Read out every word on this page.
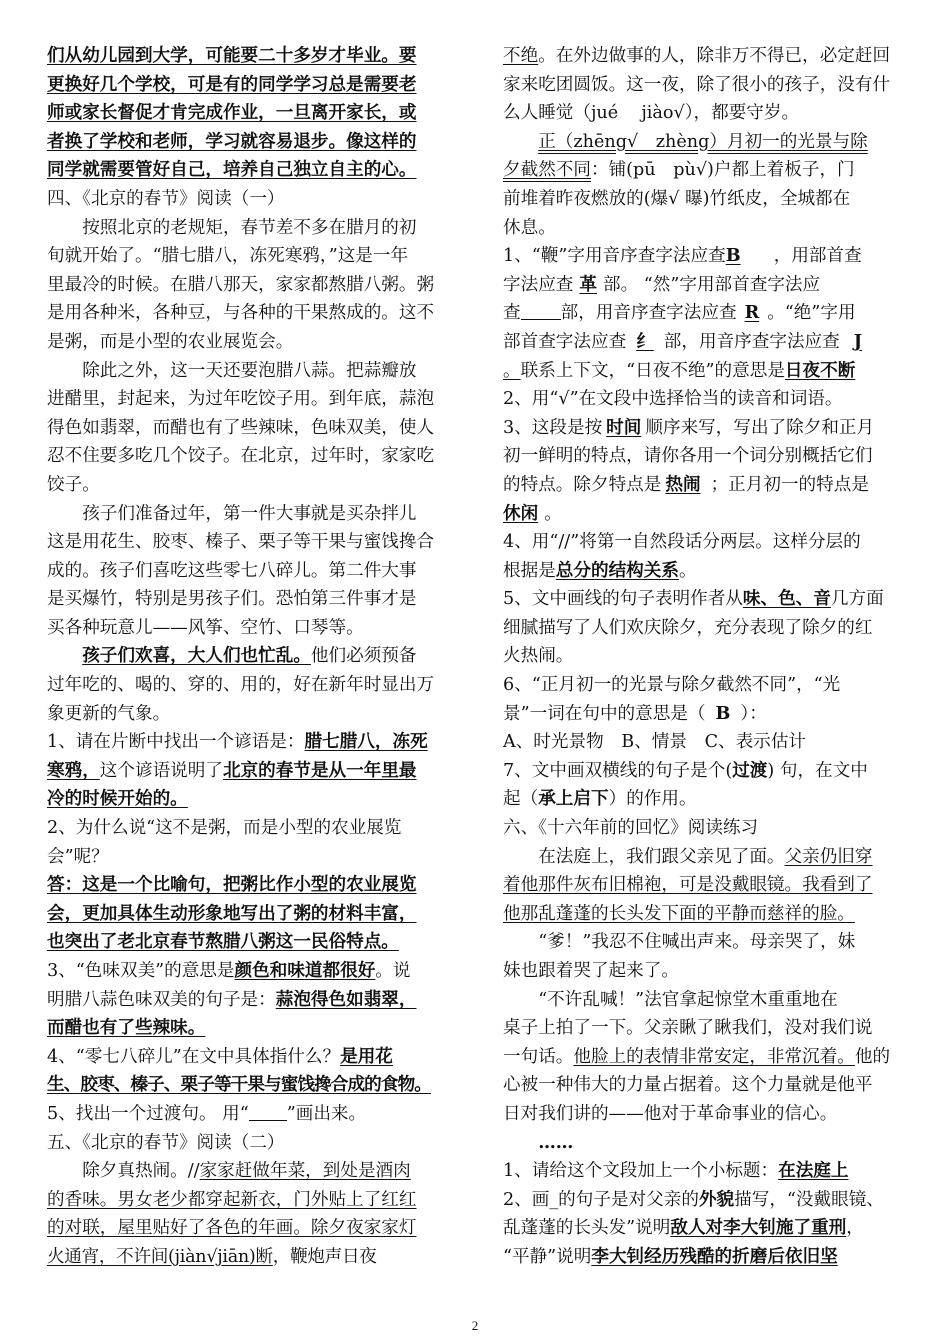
们从幼儿园到大学，可能要二十多岁才毕业。要
更换好几个学校，可是有的同学学习总是需要老
师或家长督促才肯完成作业，一旦离开家长，或
者换了学校和老师，学习就容易退步。像这样的
同学就需要管好自己，培养自己独立自主的心。
四、《北京的春节》阅读（一）
按照北京的老规矩，春节差不多在腊月的初
旬就开始了。“腊七腊八，冻死寒鸦，”这是一年
里最冷的时候。在腊八那天，家家都熬腊八粥。粥
是用各种米，各种豆，与各种的干果熬成的。这不
是粥，而是小型的农业展览会。
除此之外，这一天还要泡腊八蒜。把蒜瓣放
进醋里，封起来，为过年吃饺子用。到年底，蒜泡
得色如翡翠，而醋也有了些辣味，色味双美，使人
忍不住要多吃几个饺子。在北京，过年时，家家吃
饺子。
孩子们准备过年，第一件大事就是买杂拌儿
这是用花生、胶枣、榛子、栗子等干果与蜜饯搀合
成的。孩子们喜吃这些零七八碎儿。第二件大事
是买爆竹，特别是男孩子们。恐怕第三件事才是
买各种玩意儿——风筝、空竹、口琴等。
孩子们欢喜，大人们也忙乱。他们必须预备
过年吃的、喝的、穿的、用的，好在新年时显出万
象更新的气象。
1、请在片断中找出一个谚语是：腊七腊八，冻死
寒鸦，这个谚语说明了北京的春节是从一年里最
冷的时候开始的。
2、为什么说“这不是粥，而是小型的农业展览
会”呢？
答：这是一个比喻句，把粥比作小型的农业展览
会，更加具体生动形象地写出了粥的材料丰富，
也突出了老北京春节熬腊八粥这一民俗特点。
3、“色味双美”的意思是颜色和味道都很好。说
明腊八蒜色味双美的句子是：蒜泡得色如翡翠，
而醋也有了些辣味。
4、“零七八碎儿”在文中具体指什么？是用花
生、胶枣、榛子、栗子等干果与蜜饯搀合成的食物。
5、找出一个过渡句。 用“ ”画出来。
五、《北京的春节》阅读（二）
除夕真热闹。//家家赶做年菜，到处是酒肉
的香味。男女老少都穿起新衣，门外贴上了红红
的对联，屋里贴好了各色的年画。除夕夜家家灯
火通宵，不许间(jiàn√jiān)断，鞭炮声日夜
不绝。在外边做事的人，除非万不得已，必定赶回
家来吃团圆饭。这一夜，除了很小的孩子，没有什
么人睡觉（jué　 jiào√），都要守岁。
正（zhēng√　zhèng）月初一的光景与除
夕截然不同：铺(pū　pù√)户都上着板子，门
前堆着昨夜燃放的(爆√ 曝)竹纸皮，全城都在
休息。
1、“鞭”字用音序查字法应查B ，用部首查
字法应查 革 部。 “然”字用部首查字法应
查 部，用音序查字法应查 R 。“绝”字用
部首查字法应查 纟 部，用音序查字法应查 J
。联系上下文，“日夜不绝”的意思是日夜不断
2、用“√”在文段中选择恰当的读音和词语。
3、这段是按 时间 顺序来写，写出了除夕和正月
初一鲜明的特点，请你各用一个词分别概括它们
的特点。除夕特点是 热闹 ；正月初一的特点是
休闲 。
4、用“//”将第一自然段话分两层。这样分层的
根据是总分的结构关系。
5、文中画线的句子表明作者从味、色、音几方面
细腻描写了人们欢庆除夕，充分表现了除夕的红
火热闹。
6、“正月初一的光景与除夕截然不同”，“光
景”一词在句中的意思是（ B ）：
A、时光景物　B、情景　C、表示估计
7、文中画双横线的句子是个(过渡) 句，在文中
起（承上启下）的作用。
六、《十六年前的回忆》阅读练习
在法庭上，我们跟父亲见了面。父亲仍旧穿
着他那件灰布旧棉袍，可是没戴眼镜。我看到了
他那乱蓬蓬的长头发下面的平静而慈祥的脸。
“爹！”我忍不住喊出声来。母亲哭了，妹
妹也跟着哭了起来了。
“不许乱喊！”法官拿起惊堂木重重地在
桌子上拍了一下。父亲瞅了瞅我们，没对我们说
一句话。他脸上的表情非常安定，非常沉着。他的
心被一种伟大的力量占据着。这个力量就是他平
日对我们讲的——他对于革命事业的信心。
……
1、请给这个文段加上一个小标题：在法庭上
2、画_的句子是对父亲的外貌描写，“没戴眼镜、
乱蓬蓬的长头发”说明敌人对李大钊施了重刑，
“平静”说明李大钊经历残酷的折磨后依旧坚
2
